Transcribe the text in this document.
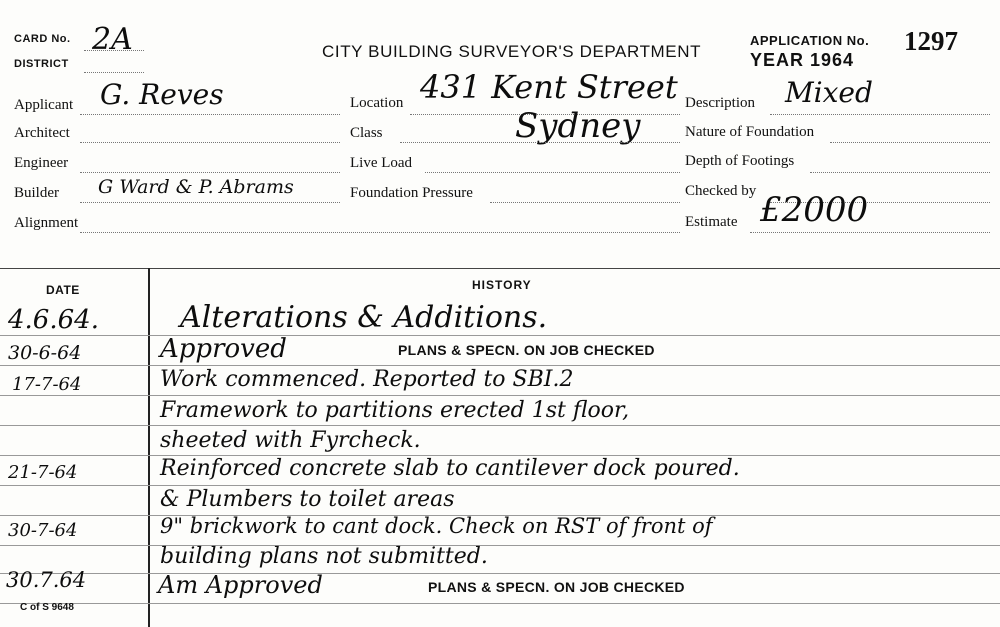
CARD No. 2A
DISTRICT
CITY BUILDING SURVEYOR'S DEPARTMENT
APPLICATION No. 1297
YEAR 1964
Applicant G. Reves
Architect
Engineer
Builder G Ward & P. Abrams
Alignment
Location 431 Kent Street
Class	Sydney
Live Load
Foundation Pressure
Description Mixed
Nature of Foundation
Depth of Footings
Checked by
Estimate £2000
DATE	HISTORY
4.6.64.	Alterations & Additions.
30-6-64	Approved	PLANS & SPECN. ON JOB CHECKED
17-7-64	Work commenced. Reported to SBI.2
Framework to partitions erected 1st floor,
sheeted with Fyrcheck.
21-7-64	Reinforced concrete slab to cantilever dock poured.
& Plumbers to toilet areas
30-7-64	9" brickwork to cant dock. Check on RST of front of
building plans not submitted.
30.7.64	Am Approved	PLANS & SPECN. ON JOB CHECKED
C of S 9648
